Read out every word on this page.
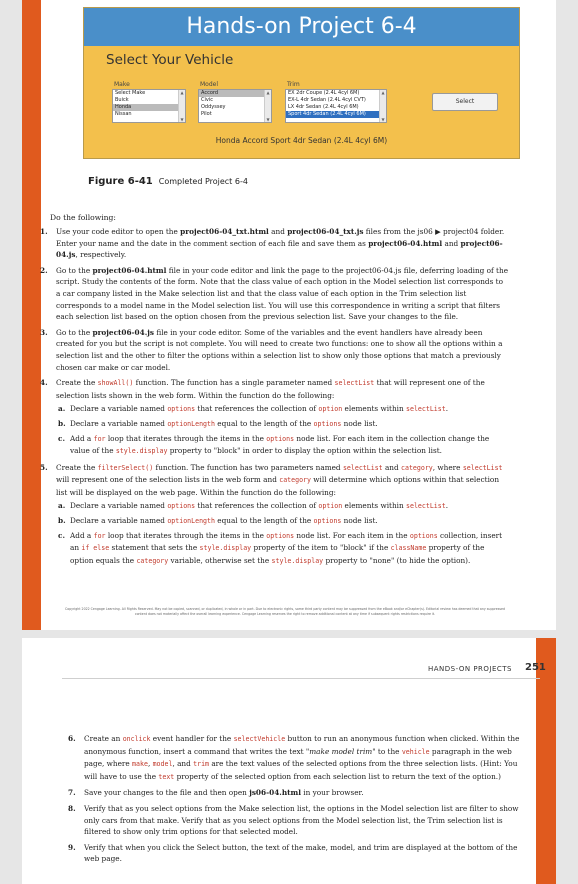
Hands-on Project 6-4
Select Your Vehicle
Make	Model	Trim
Select Make
Buick
Honda
Nissan
▲
▼
Accord
Civic
Oddyssey
Pilot
▲
▼
EX 2dr Coupe (2.4L 4cyl 6M)
EX-L 4dr Sedan (2.4L 4cyl CVT)
LX 4dr Sedan (2.4L 4cyl 6M)
Sport 4dr Sedan (2.4L 4cyl 6M)
▲
▼
Select
Honda Accord Sport 4dr Sedan (2.4L 4cyl 6M)
Figure 6-41 Completed Project 6-4
Do the following:
1. Use your code editor to open the project06-04_txt.html and project06-04_txt.js files from the js06 ▶ project04 folder. Enter your name and the date in the comment section of each file and save them as project06-04.html and project06-04.js, respectively.
2. Go to the project06-04.html file in your code editor and link the page to the project06-04.js file, deferring loading of the script. Study the contents of the form. Note that the class value of each option in the Model selection list corresponds to a car company listed in the Make selection list and that the class value of each option in the Trim selection list corresponds to a model name in the Model selection list. You will use this correspondence in writing a script that filters each selection list based on the option chosen from the previous selection list. Save your changes to the file.
3. Go to the project06-04.js file in your code editor. Some of the variables and the event handlers have already been created for you but the script is not complete. You will need to create two functions: one to show all the options within a selection list and the other to filter the options within a selection list to show only those options that match a previously chosen car make or car model.
4. Create the showAll() function. The function has a single parameter named selectList that will represent one of the selection lists shown in the web form. Within the function do the following:
a. Declare a variable named options that references the collection of option elements within selectList.
b. Declare a variable named optionLength equal to the length of the options node list.
c. Add a for loop that iterates through the items in the options node list. For each item in the collection change the value of the style.display property to "block" in order to display the option within the selection list.
5. Create the filterSelect() function. The function has two parameters named selectList and category, where selectList will represent one of the selection lists in the web form and category will determine which options within that selection list will be displayed on the web page. Within the function do the following:
a. Declare a variable named options that references the collection of option elements within selectList.
b. Declare a variable named optionLength equal to the length of the options node list.
c. Add a for loop that iterates through the items in the options node list. For each item in the options collection, insert an if else statement that sets the style.display property of the item to "block" if the className property of the option equals the category variable, otherwise set the style.display property to "none" (to hide the option).
Copyright 2022 Cengage Learning. All Rights Reserved. May not be copied, scanned, or duplicated, in whole or in part. Due to electronic rights, some third party content may be suppressed from the eBook and/or eChapter(s). Editorial review has deemed that any suppressed content does not materially affect the overall learning experience. Cengage Learning reserves the right to remove additional content at any time if subsequent rights restrictions require it.
HANDS-ON PROJECTS 251
6. Create an onclick event handler for the selectVehicle button to run an anonymous function when clicked. Within the anonymous function, insert a command that writes the text "make model trim" to the vehicle paragraph in the web page, where make, model, and trim are the text values of the selected options from the three selection lists. (Hint: You will have to use the text property of the selected option from each selection list to return the text of the option.)
7. Save your changes to the file and then open js06-04.html in your browser.
8. Verify that as you select options from the Make selection list, the options in the Model selection list are filter to show only cars from that make. Verify that as you select options from the Model selection list, the Trim selection list is filtered to show only trim options for that selected model.
9. Verify that when you click the Select button, the text of the make, model, and trim are displayed at the bottom of the web page.
